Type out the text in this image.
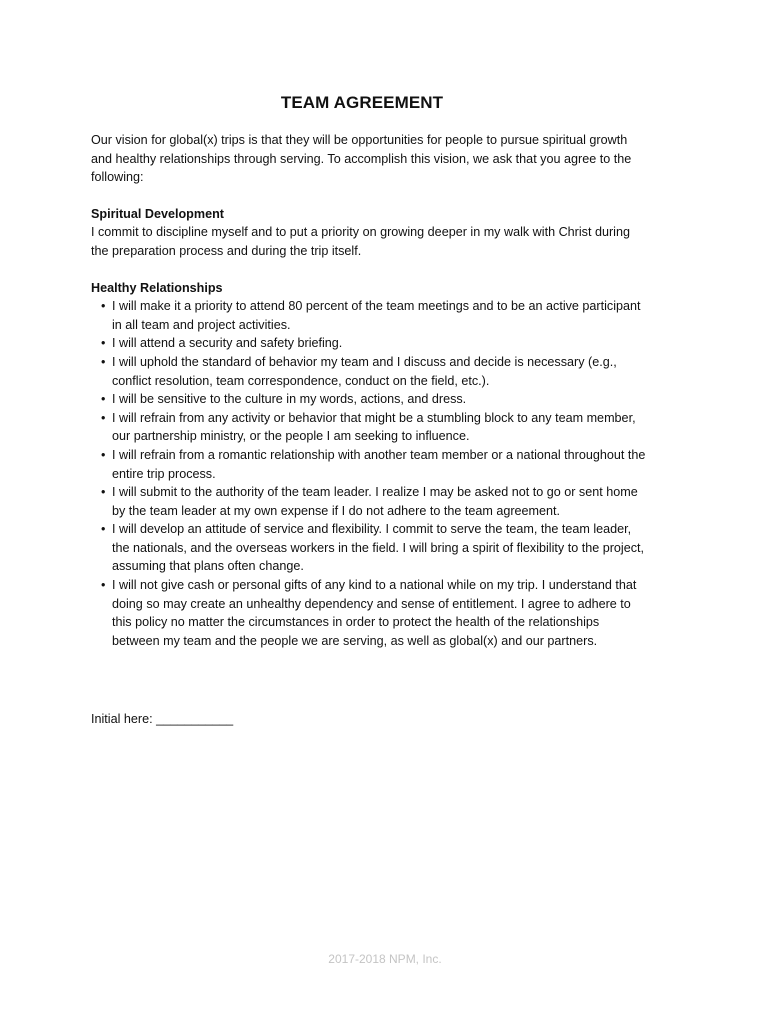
TEAM AGREEMENT

Our vision for global(x) trips is that they will be opportunities for people to pursue spiritual growth and healthy relationships through serving. To accomplish this vision, we ask that you agree to the following:

Spiritual Development

I commit to discipline myself and to put a priority on growing deeper in my walk with Christ during the preparation process and during the trip itself.

Healthy Relationships

• I will make it a priority to attend 80 percent of the team meetings and to be an active participant in all team and project activities.
• I will attend a security and safety briefing.
• I will uphold the standard of behavior my team and I discuss and decide is necessary (e.g., conflict resolution, team correspondence, conduct on the field, etc.).
• I will be sensitive to the culture in my words, actions, and dress.
• I will refrain from any activity or behavior that might be a stumbling block to any team member, our partnership ministry, or the people I am seeking to influence.
• I will refrain from a romantic relationship with another team member or a national throughout the entire trip process.
• I will submit to the authority of the team leader. I realize I may be asked not to go or sent home by the team leader at my own expense if I do not adhere to the team agreement.
• I will develop an attitude of service and flexibility. I commit to serve the team, the team leader, the nationals, and the overseas workers in the field. I will bring a spirit of flexibility to the project, assuming that plans often change.
• I will not give cash or personal gifts of any kind to a national while on my trip. I understand that doing so may create an unhealthy dependency and sense of entitlement. I agree to adhere to this policy no matter the circumstances in order to protect the health of the relationships between my team and the people we are serving, as well as global(x) and our partners.
Initial here: ___________
2017-2018 NPM, Inc.
